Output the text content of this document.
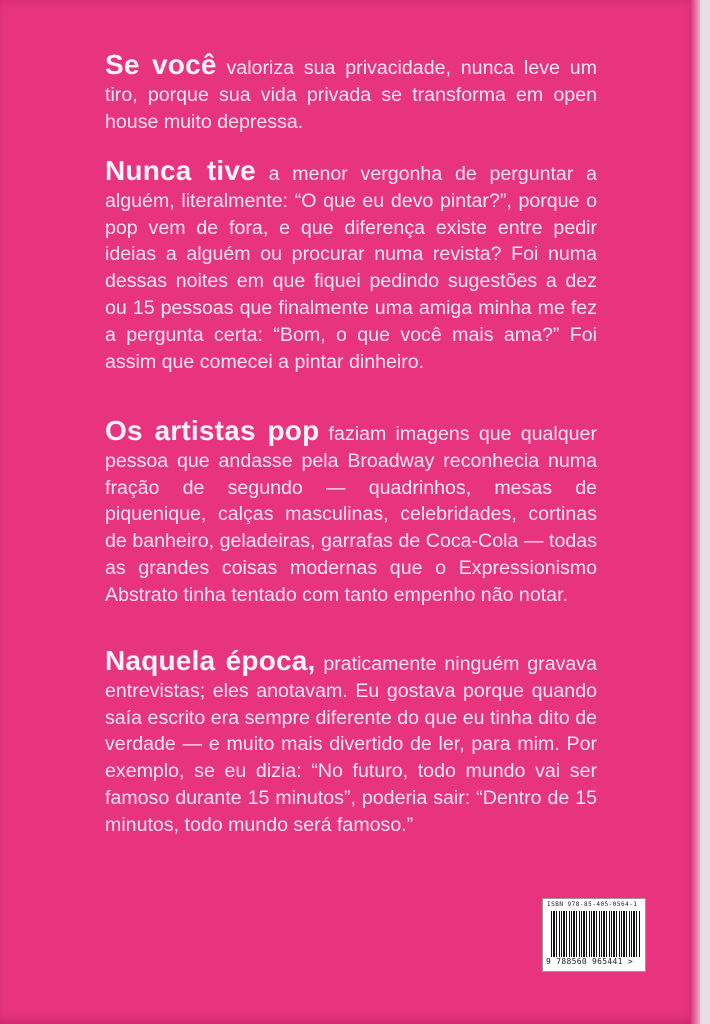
Se você valoriza sua privacidade, nunca leve um tiro, porque sua vida privada se transforma em open house muito depressa.

Nunca tive a menor vergonha de perguntar a alguém, literalmente: “O que eu devo pintar?”, porque o pop vem de fora, e que diferença existe entre pedir ideias a alguém ou procurar numa revista? Foi numa dessas noites em que fiquei pedindo sugestões a dez ou 15 pessoas que finalmente uma amiga minha me fez a pergunta certa: “Bom, o que você mais ama?” Foi assim que comecei a pintar dinheiro.

Os artistas pop faziam imagens que qualquer pessoa que andasse pela Broadway reconhecia numa fração de segundo — quadrinhos, mesas de piquenique, calças masculinas, celebridades, cortinas de banheiro, geladeiras, garrafas de Coca-Cola — todas as grandes coisas modernas que o Expressionismo Abstrato tinha tentado com tanto empenho não notar.

Naquela época, praticamente ninguém gravava entrevistas; eles anotavam. Eu gostava porque quando saía escrito era sempre diferente do que eu tinha dito de verdade — e muito mais divertido de ler, para mim. Por exemplo, se eu dizia: “No futuro, todo mundo vai ser famoso durante 15 minutos”, poderia sair: “Dentro de 15 minutos, todo mundo será famoso.”

ISBN 978-85-405-0564-1
9 788560 965441 >
